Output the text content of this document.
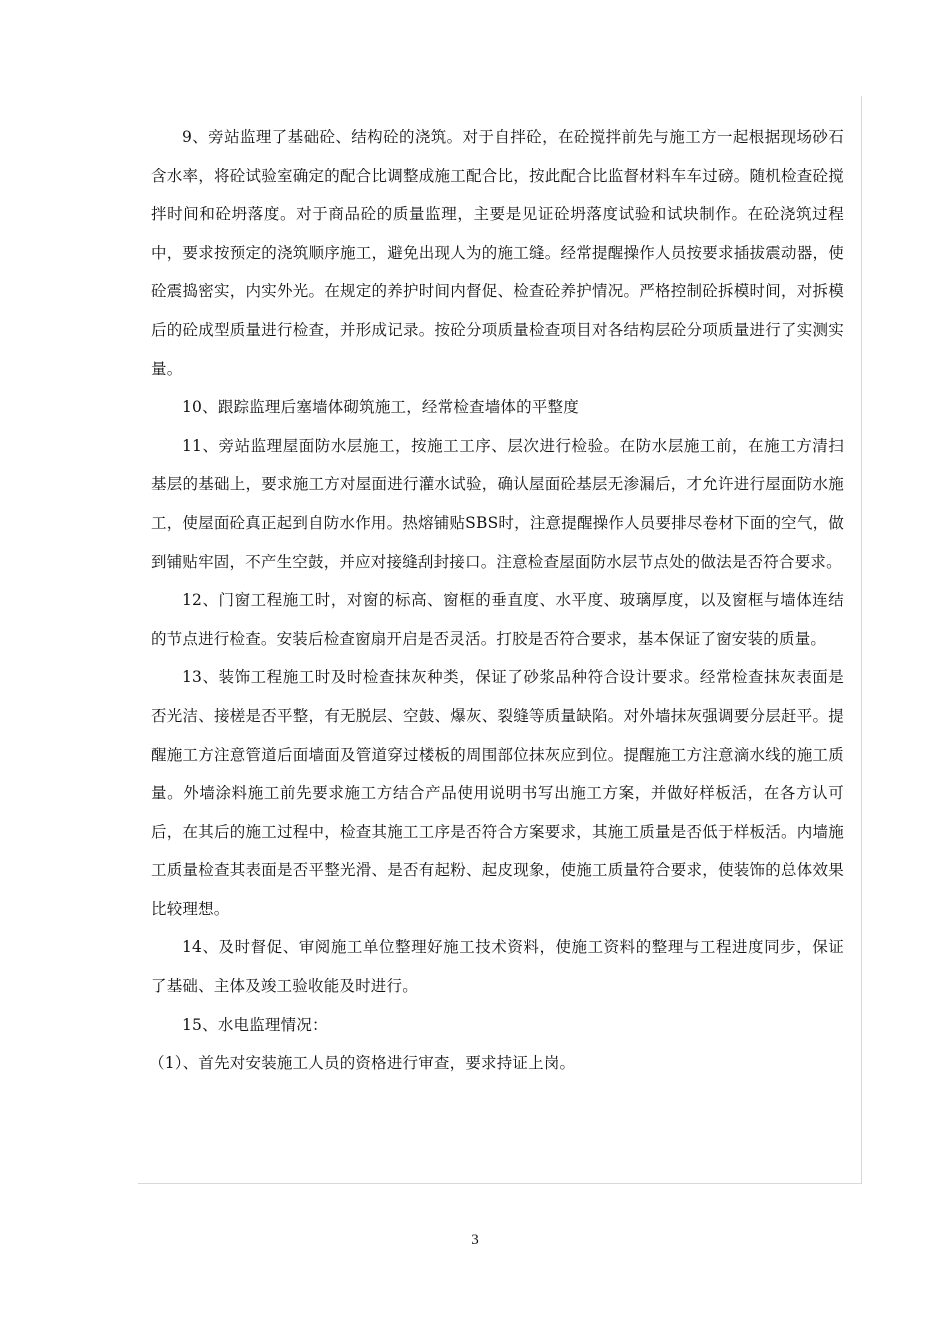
9、旁站监理了基础砼、结构砼的浇筑。对于自拌砼，在砼搅拌前先与施工方一起根据现场砂石含水率，将砼试验室确定的配合比调整成施工配合比，按此配合比监督材料车车过磅。随机检查砼搅拌时间和砼坍落度。对于商品砼的质量监理，主要是见证砼坍落度试验和试块制作。在砼浇筑过程中，要求按预定的浇筑顺序施工，避免出现人为的施工缝。经常提醒操作人员按要求插拔震动器，使砼震捣密实，内实外光。在规定的养护时间内督促、检查砼养护情况。严格控制砼拆模时间，对拆模后的砼成型质量进行检查，并形成记录。按砼分项质量检查项目对各结构层砼分项质量进行了实测实量。

10、跟踪监理后塞墙体砌筑施工，经常检查墙体的平整度

11、旁站监理屋面防水层施工，按施工工序、层次进行检验。在防水层施工前，在施工方清扫基层的基础上，要求施工方对屋面进行灌水试验，确认屋面砼基层无渗漏后，才允许进行屋面防水施工，使屋面砼真正起到自防水作用。热熔铺贴SBS时，注意提醒操作人员要排尽卷材下面的空气，做到铺贴牢固，不产生空鼓，并应对接缝刮封接口。注意检查屋面防水层节点处的做法是否符合要求。

12、门窗工程施工时，对窗的标高、窗框的垂直度、水平度、玻璃厚度，以及窗框与墙体连结的节点进行检查。安装后检查窗扇开启是否灵活。打胶是否符合要求，基本保证了窗安装的质量。

13、装饰工程施工时及时检查抹灰种类，保证了砂浆品种符合设计要求。经常检查抹灰表面是否光洁、接槎是否平整，有无脱层、空鼓、爆灰、裂缝等质量缺陷。对外墙抹灰强调要分层赶平。提醒施工方注意管道后面墙面及管道穿过楼板的周围部位抹灰应到位。提醒施工方注意滴水线的施工质量。外墙涂料施工前先要求施工方结合产品使用说明书写出施工方案，并做好样板活，在各方认可后，在其后的施工过程中，检查其施工工序是否符合方案要求，其施工质量是否低于样板活。内墙施工质量检查其表面是否平整光滑、是否有起粉、起皮现象，使施工质量符合要求，使装饰的总体效果比较理想。

14、及时督促、审阅施工单位整理好施工技术资料，使施工资料的整理与工程进度同步，保证了基础、主体及竣工验收能及时进行。

15、水电监理情况：

（1）、首先对安装施工人员的资格进行审查，要求持证上岗。

3
